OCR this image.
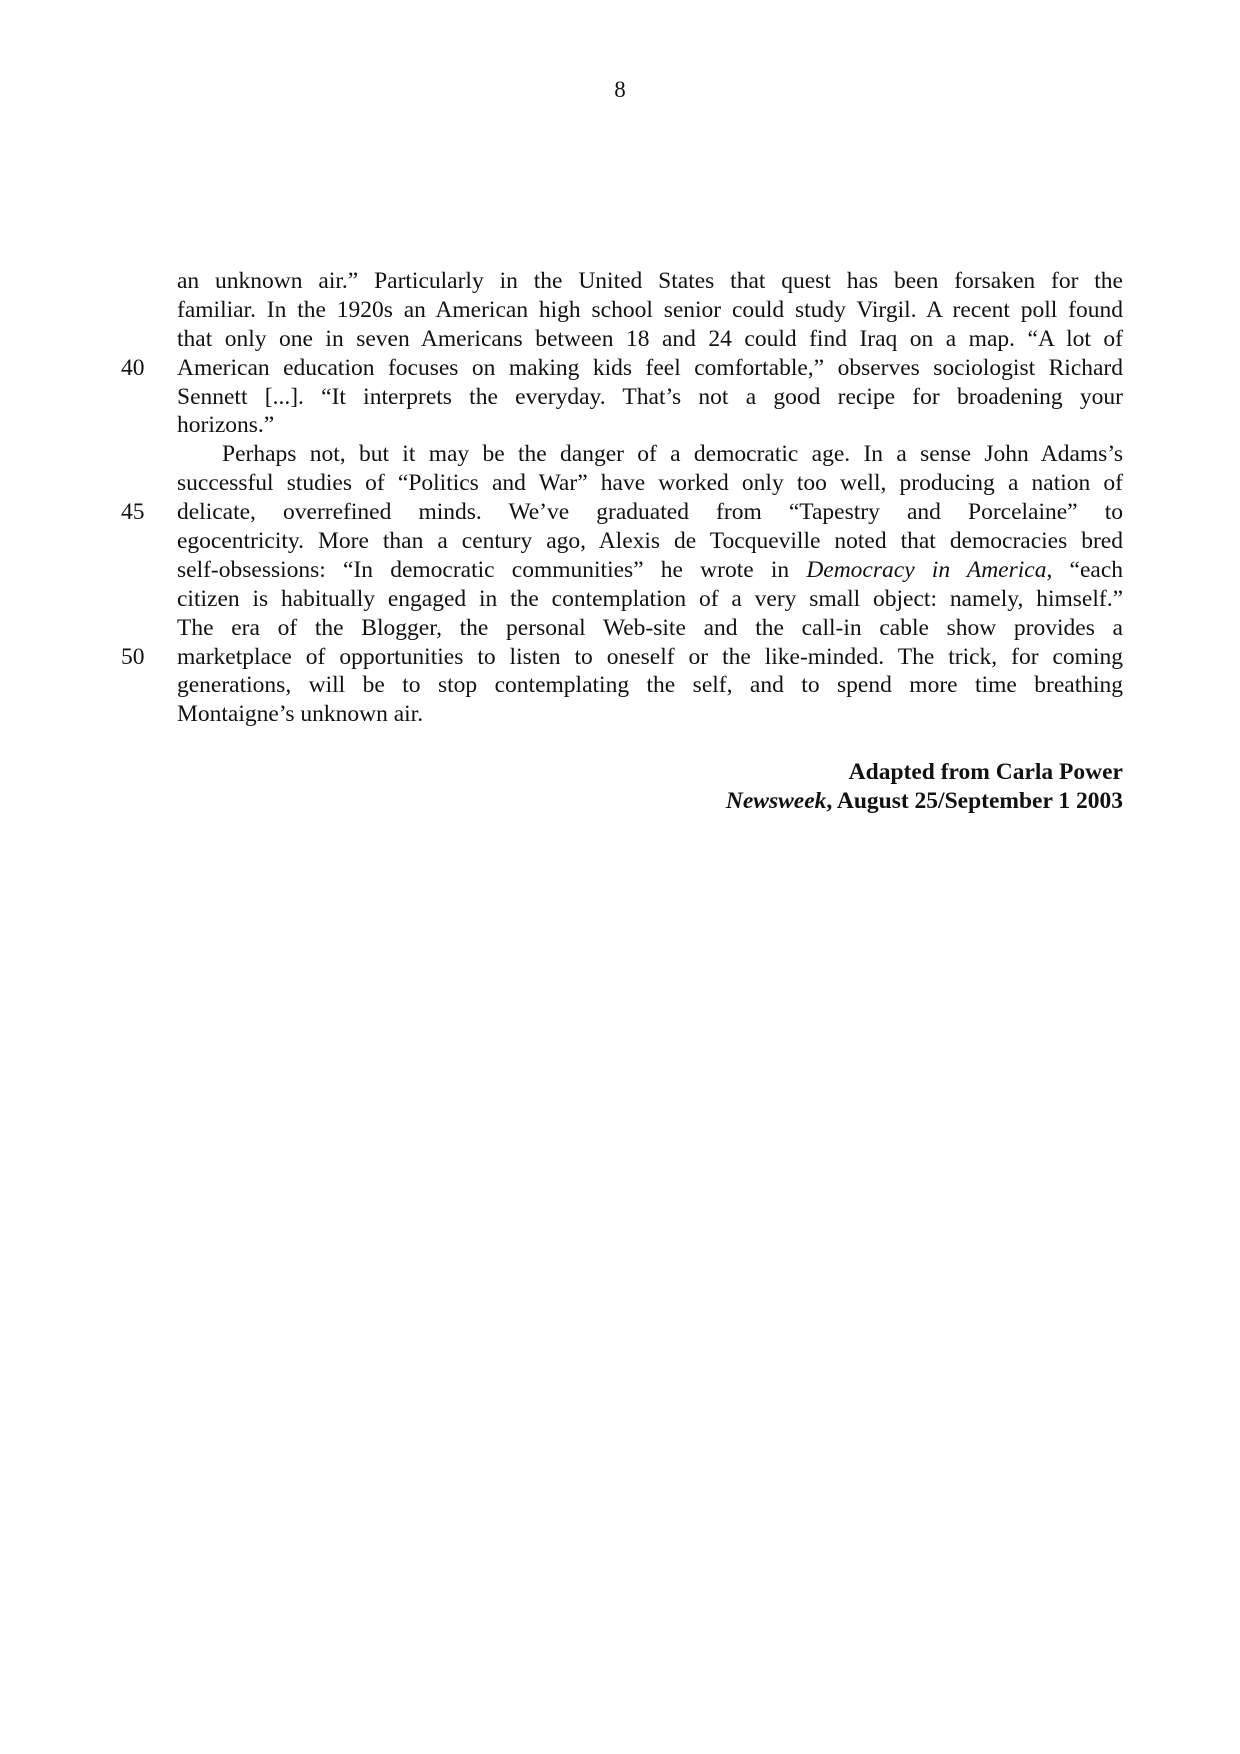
8
an unknown air.” Particularly in the United States that quest has been forsaken for the
familiar. In the 1920s an American high school senior could study Virgil. A recent poll found
that only one in seven Americans between 18 and 24 could find Iraq on a map. “A lot of
40	American education focuses on making kids feel comfortable,” observes sociologist Richard
Sennett [...]. “It interprets the everyday. That’s not a good recipe for broadening your
horizons.”
Perhaps not, but it may be the danger of a democratic age. In a sense John Adams’s
successful studies of “Politics and War” have worked only too well, producing a nation of
45	delicate, overrefined minds. We’ve graduated from “Tapestry and Porcelaine” to
egocentricity. More than a century ago, Alexis de Tocqueville noted that democracies bred
self-obsessions: “In democratic communities” he wrote in Democracy in America, “each
citizen is habitually engaged in the contemplation of a very small object: namely, himself.”
The era of the Blogger, the personal Web-site and the call-in cable show provides a
50	marketplace of opportunities to listen to oneself or the like-minded. The trick, for coming
generations, will be to stop contemplating the self, and to spend more time breathing
Montaigne’s unknown air.
Adapted from Carla Power
Newsweek, August 25/September 1 2003
